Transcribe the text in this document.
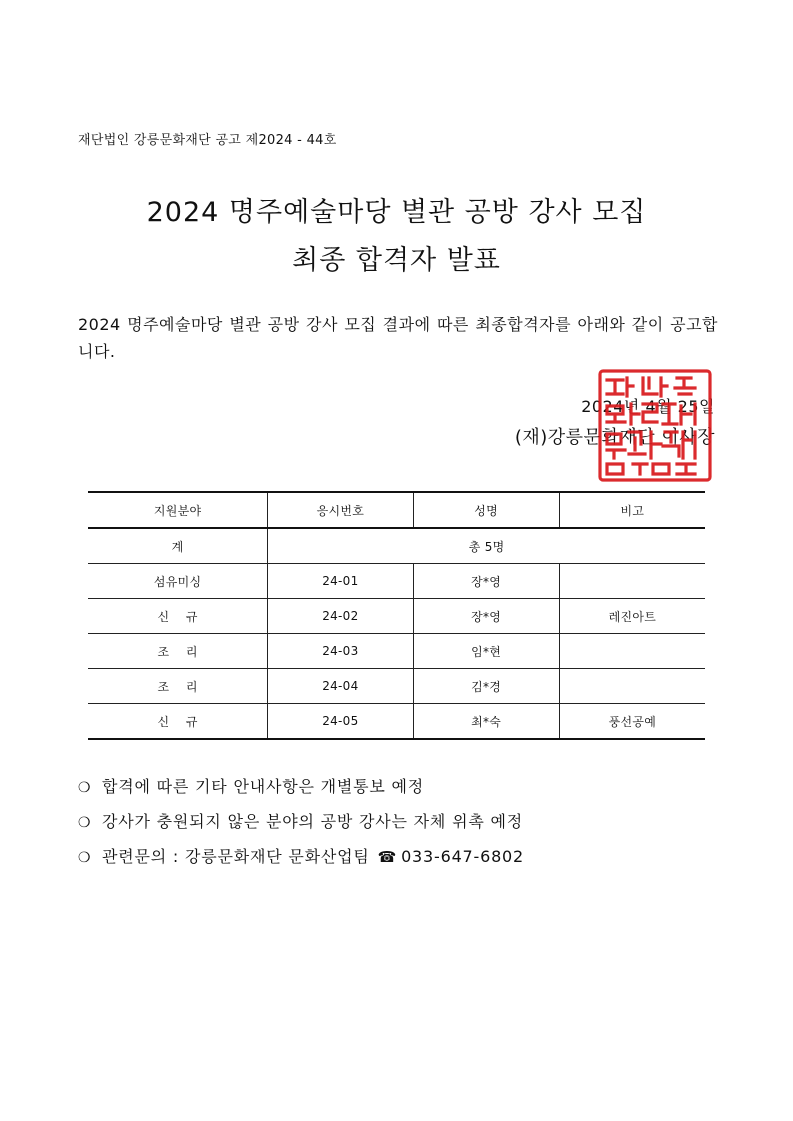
재단법인 강릉문화재단 공고 제2024 - 44호
2024 명주예술마당 별관 공방 강사 모집
최종 합격자 발표
2024 명주예술마당 별관 공방 강사 모집 결과에 따른 최종합격자를 아래와 같이 공고합니다.
2024년 4월 25일
(재)강릉문화재단 이사장
지원분야	응시번호	성명	비고
계	총 5명		
섬유미싱	24-01	장*영	
신    규	24-02	장*영	레진아트
조    리	24-03	임*현	
조    리	24-04	김*경	
신    규	24-05	최*숙	풍선공예
❍ 합격에 따른 기타 안내사항은 개별통보 예정
❍ 강사가 충원되지 않은 분야의 공방 강사는 자체 위촉 예정
❍ 관련문의 : 강릉문화재단 문화산업팀 ☎ 033-647-6802
